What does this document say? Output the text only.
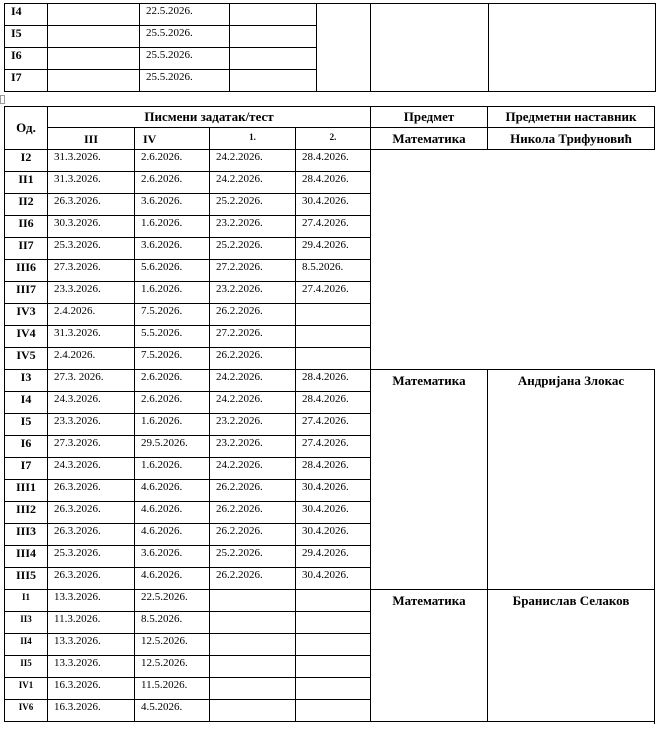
I4		22.5.2026.				
I5		25.5.2026.				
I6		25.5.2026.				
I7		25.5.2026.				
Од.	Писмени задатак/тест				Предмет	Предметни наставник
	III	IV	1.	2.	Математика	Никола Трифуновић
I2	31.3.2026.	2.6.2026.	24.2.2026.	28.4.2026.		
II1	31.3.2026.	2.6.2026.	24.2.2026.	28.4.2026.		
II2	26.3.2026.	3.6.2026.	25.2.2026.	30.4.2026.		
II6	30.3.2026.	1.6.2026.	23.2.2026.	27.4.2026.		
II7	25.3.2026.	3.6.2026.	25.2.2026.	29.4.2026.		
III6	27.3.2026.	5.6.2026.	27.2.2026.	8.5.2026.		
III7	23.3.2026.	1.6.2026.	23.2.2026.	27.4.2026.		
IV3	2.4.2026.	7.5.2026.	26.2.2026.			
IV4	31.3.2026.	5.5.2026.	27.2.2026.			
IV5	2.4.2026.	7.5.2026.	26.2.2026.			
I3	27.3. 2026.	2.6.2026.	24.2.2026.	28.4.2026.	Математика	Андријана Злокас
I4	24.3.2026.	2.6.2026.	24.2.2026.	28.4.2026.		
I5	23.3.2026.	1.6.2026.	23.2.2026.	27.4.2026.		
I6	27.3.2026.	29.5.2026.	23.2.2026.	27.4.2026.		
I7	24.3.2026.	1.6.2026.	24.2.2026.	28.4.2026.		
III1	26.3.2026.	4.6.2026.	26.2.2026.	30.4.2026.		
III2	26.3.2026.	4.6.2026.	26.2.2026.	30.4.2026.		
III3	26.3.2026.	4.6.2026.	26.2.2026.	30.4.2026.		
III4	25.3.2026.	3.6.2026.	25.2.2026.	29.4.2026.		
III5	26.3.2026.	4.6.2026.	26.2.2026.	30.4.2026.		
I1	13.3.2026.	22.5.2026.			Математика	Бранислав Селаков
II3	11.3.2026.	8.5.2026.				
II4	13.3.2026.	12.5.2026.				
II5	13.3.2026.	12.5.2026.				
IV1	16.3.2026.	11.5.2026.				
IV6	16.3.2026.	4.5.2026.				
